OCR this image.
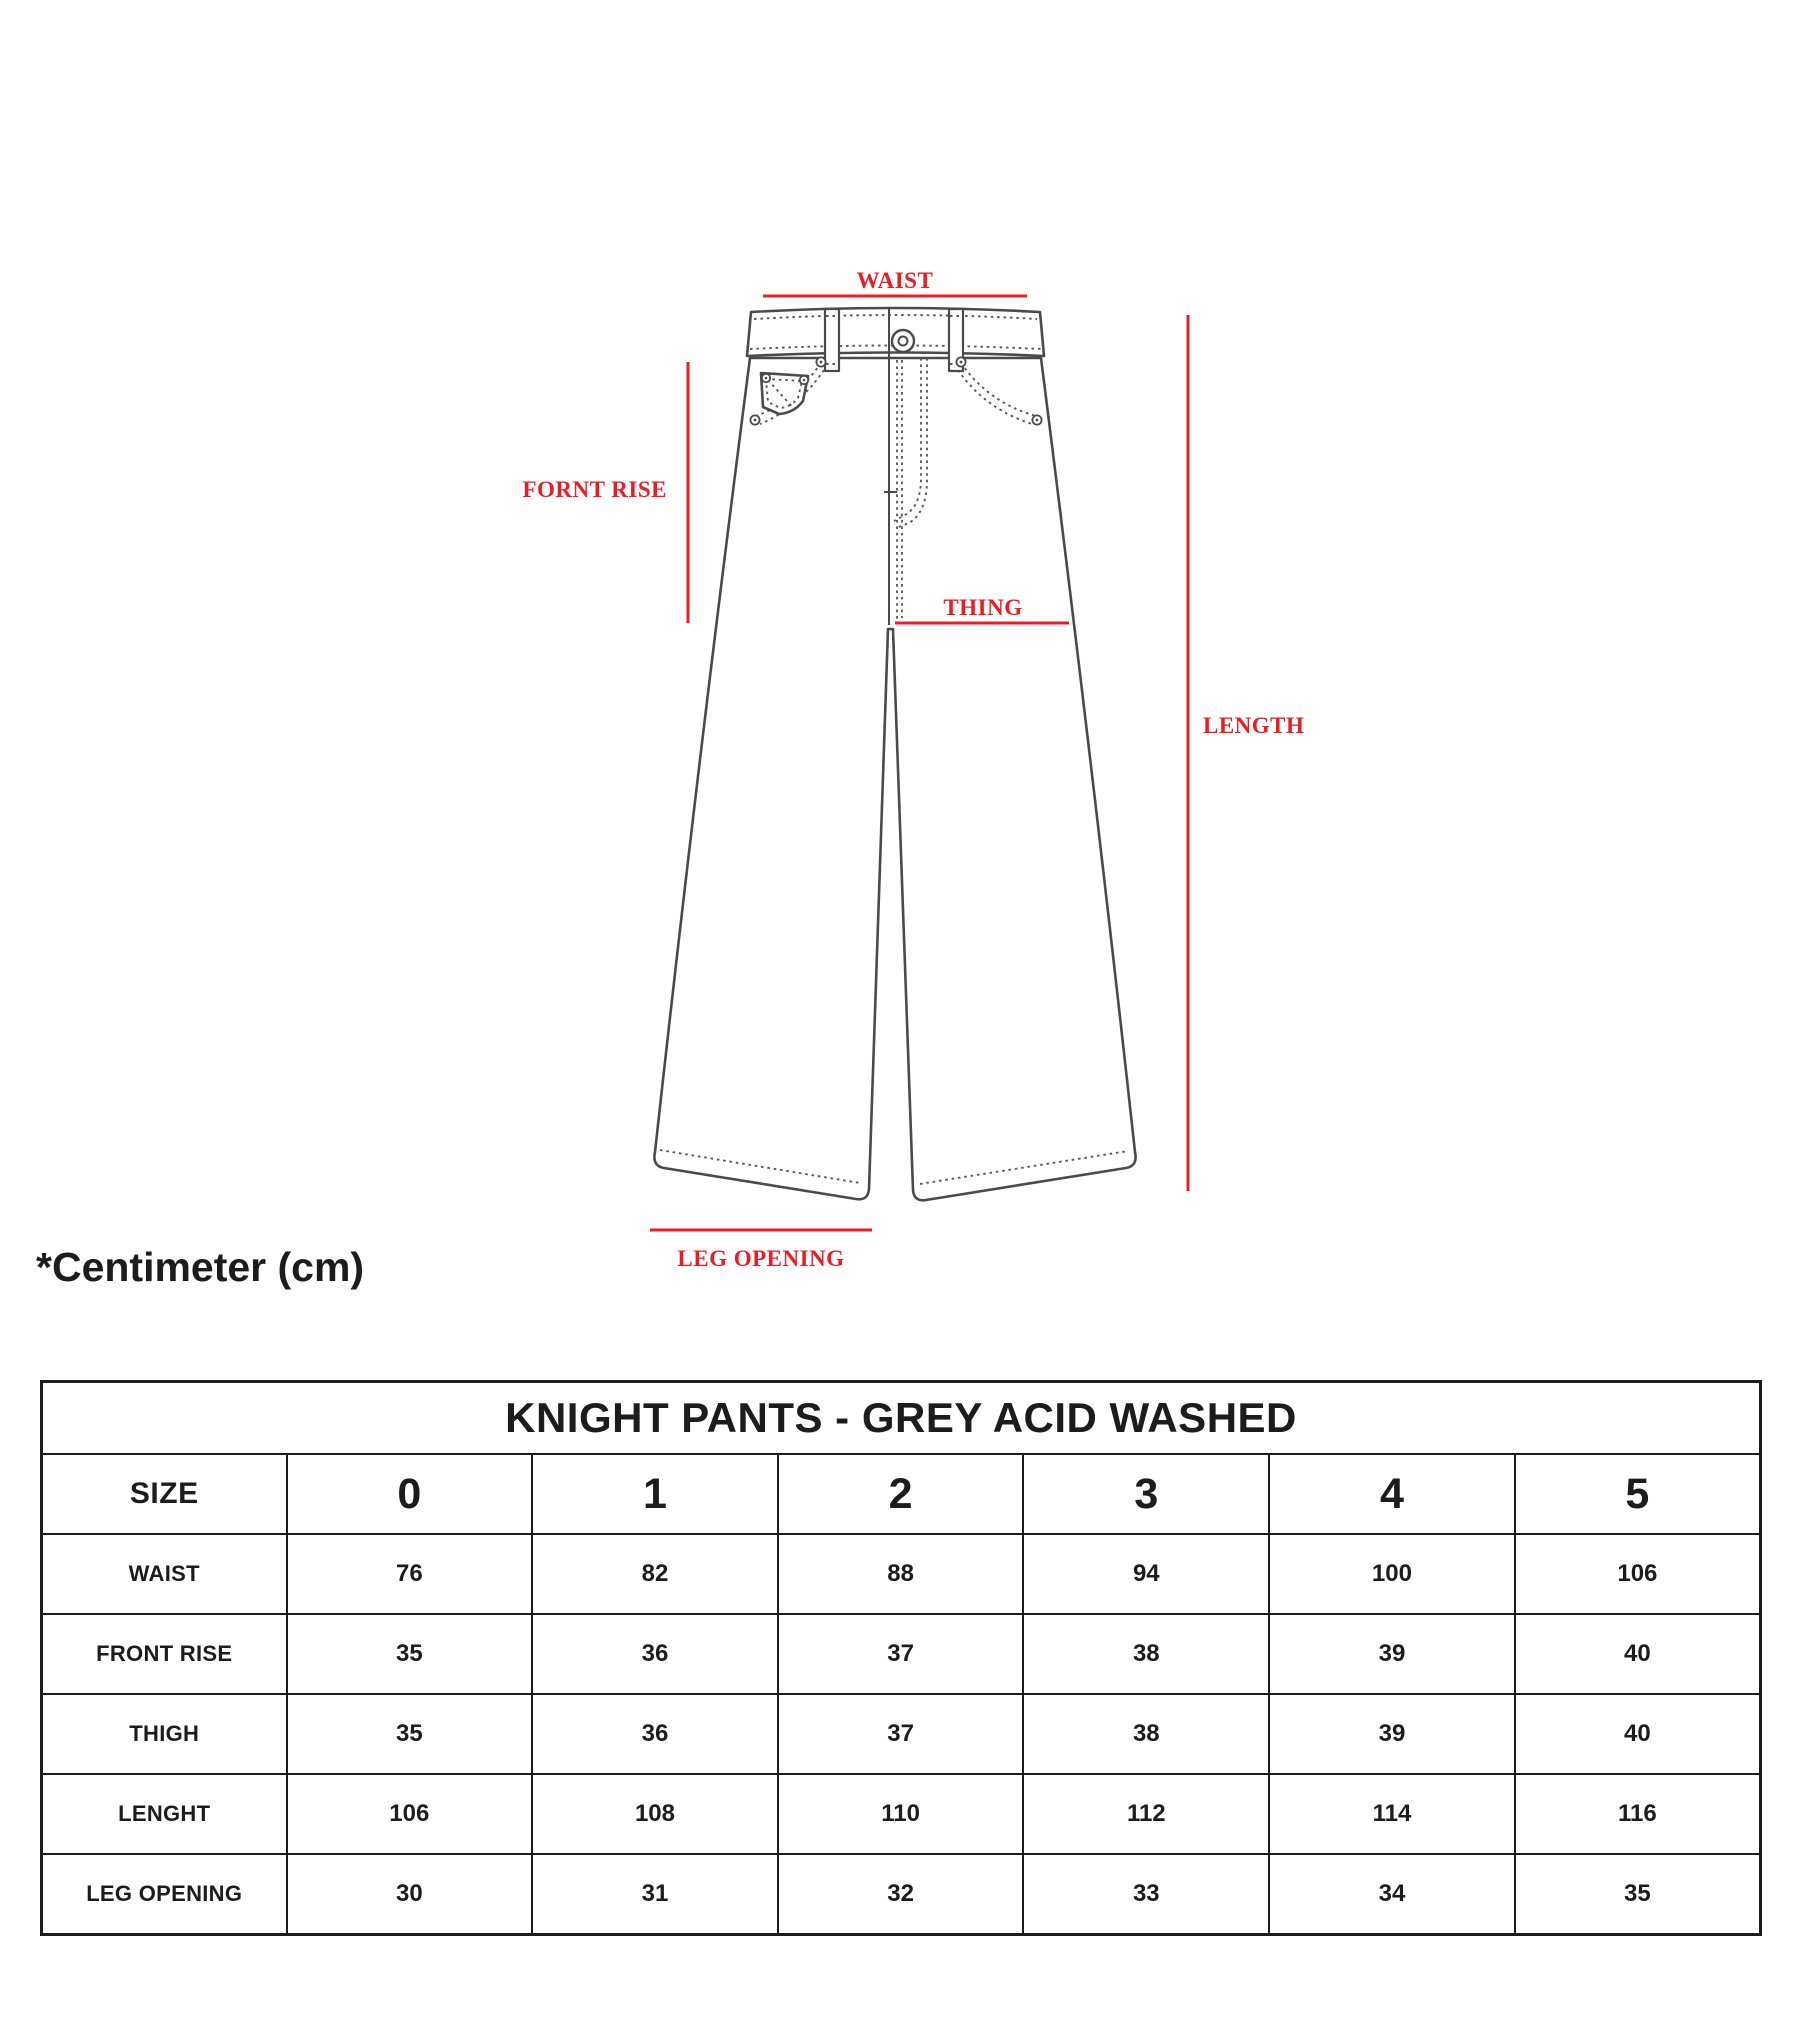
WAIST
FORNT RISE
THING
LENGTH
LEG OPENING
*Centimeter (cm)
KNIGHT PANTS - GREY ACID WASHED						
SIZE	0	1	2	3	4	5
WAIST	76	82	88	94	100	106
FRONT RISE	35	36	37	38	39	40
THIGH	35	36	37	38	39	40
LENGHT	106	108	110	112	114	116
LEG OPENING	30	31	32	33	34	35
